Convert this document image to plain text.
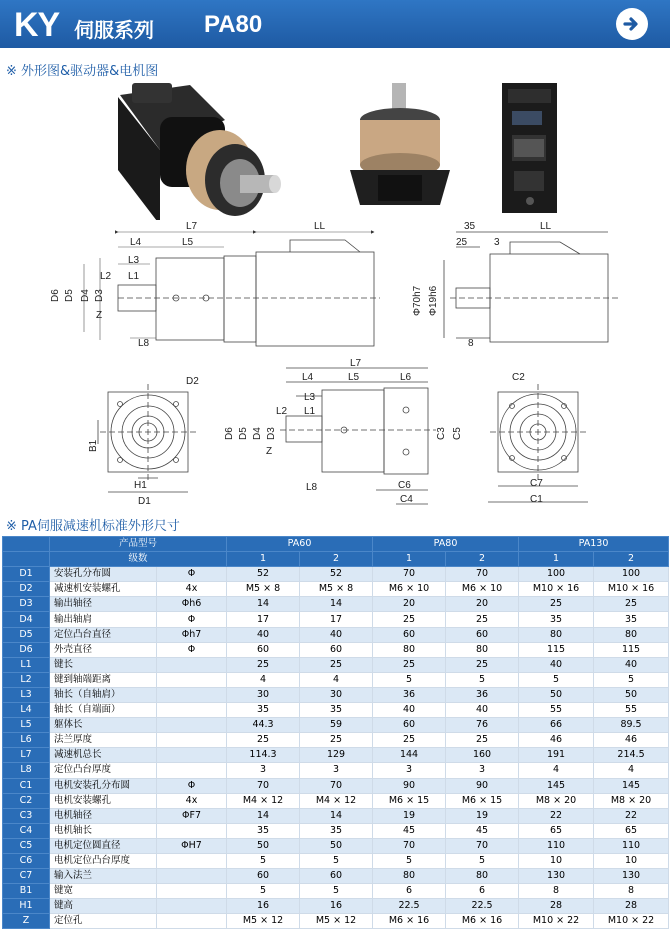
KY 伺服系列 PA80
※ 外形图&驱动器&电机图
L7	LL
L4	L5
L3
L2 L1
D6 D5 D4 D3
Z
L8
35	LL
25	3
Φ70h7 Φ19h6
8
D2
B1
H1
D1
L7
L4	L5	L6
L3
L2 L1
D6 D5 D4 D3
Z
C3 C5
L8	C6
C4
C2
C7
C1
※ PA伺服减速机标准外形尺寸
	产品型号		PA60		PA80		PA130	
	级数		1	2	1	2	1	2
D1	安装孔分布圆	Φ	52	52	70	70	100	100
D2	减速机安装螺孔	4x	M5 × 8	M5 × 8	M6 × 10	M6 × 10	M10 × 16	M10 × 16
D3	输出轴径	Φh6	14	14	20	20	25	25
D4	输出轴肩	Φ	17	17	25	25	35	35
D5	定位凸台直径	Φh7	40	40	60	60	80	80
D6	外壳直径	Φ	60	60	80	80	115	115
L1	键长		25	25	25	25	40	40
L2	键到轴端距离		4	4	5	5	5	5
L3	轴长（自轴肩）		30	30	36	36	50	50
L4	轴长（自端面）		35	35	40	40	55	55
L5	躯体长		44.3	59	60	76	66	89.5
L6	法兰厚度		25	25	25	25	46	46
L7	减速机总长		114.3	129	144	160	191	214.5
L8	定位凸台厚度		3	3	3	3	4	4
C1	电机安装孔分布圆	Φ	70	70	90	90	145	145
C2	电机安装螺孔	4x	M4 × 12	M4 × 12	M6 × 15	M6 × 15	M8 × 20	M8 × 20
C3	电机轴径	ΦF7	14	14	19	19	22	22
C4	电机轴长		35	35	45	45	65	65
C5	电机定位圆直径	ΦH7	50	50	70	70	110	110
C6	电机定位凸台厚度		5	5	5	5	10	10
C7	输入法兰		60	60	80	80	130	130
B1	键宽		5	5	6	6	8	8
H1	键高		16	16	22.5	22.5	28	28
Z	定位孔		M5 × 12	M5 × 12	M6 × 16	M6 × 16	M10 × 22	M10 × 22
